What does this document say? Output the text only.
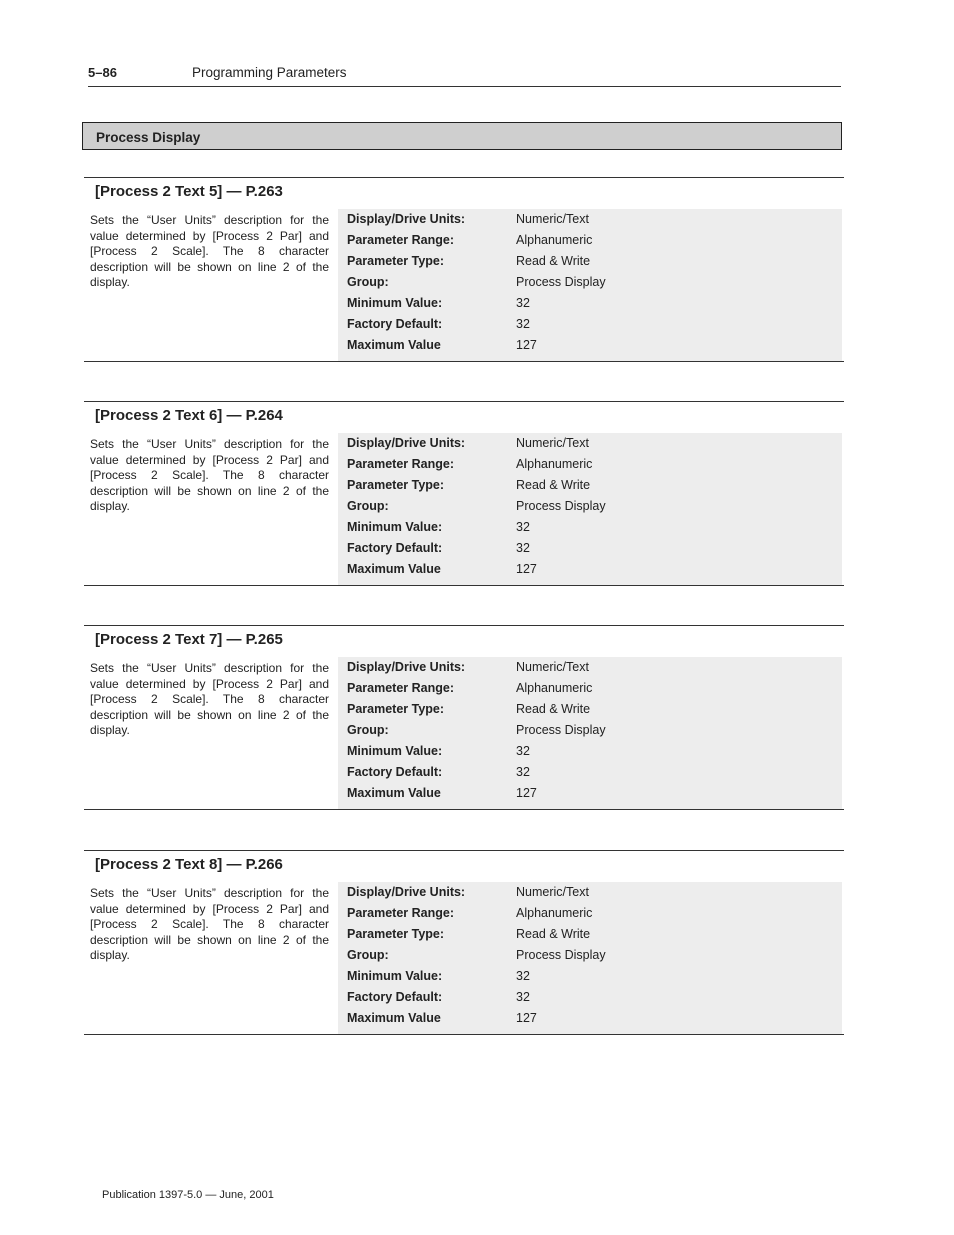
5–86	Programming Parameters
Process Display
[Process 2 Text 5] — P.263
Sets the “User Units” description for the value determined by [Process 2 Par] and [Process 2 Scale]. The 8 character description will be shown on line 2 of the display.
Display/Drive Units:	Numeric/Text
Parameter Range:	Alphanumeric
Parameter Type:	Read & Write
Group:	Process Display
Minimum Value:	32
Factory Default:	32
Maximum Value	127
[Process 2 Text 6] — P.264
Sets the “User Units” description for the value determined by [Process 2 Par] and [Process 2 Scale]. The 8 character description will be shown on line 2 of the display.
Display/Drive Units:	Numeric/Text
Parameter Range:	Alphanumeric
Parameter Type:	Read & Write
Group:	Process Display
Minimum Value:	32
Factory Default:	32
Maximum Value	127
[Process 2 Text 7] — P.265
Sets the “User Units” description for the value determined by [Process 2 Par] and [Process 2 Scale]. The 8 character description will be shown on line 2 of the display.
Display/Drive Units:	Numeric/Text
Parameter Range:	Alphanumeric
Parameter Type:	Read & Write
Group:	Process Display
Minimum Value:	32
Factory Default:	32
Maximum Value	127
[Process 2 Text 8] — P.266
Sets the “User Units” description for the value determined by [Process 2 Par] and [Process 2 Scale]. The 8 character description will be shown on line 2 of the display.
Display/Drive Units:	Numeric/Text
Parameter Range:	Alphanumeric
Parameter Type:	Read & Write
Group:	Process Display
Minimum Value:	32
Factory Default:	32
Maximum Value	127
Publication 1397-5.0 — June, 2001
